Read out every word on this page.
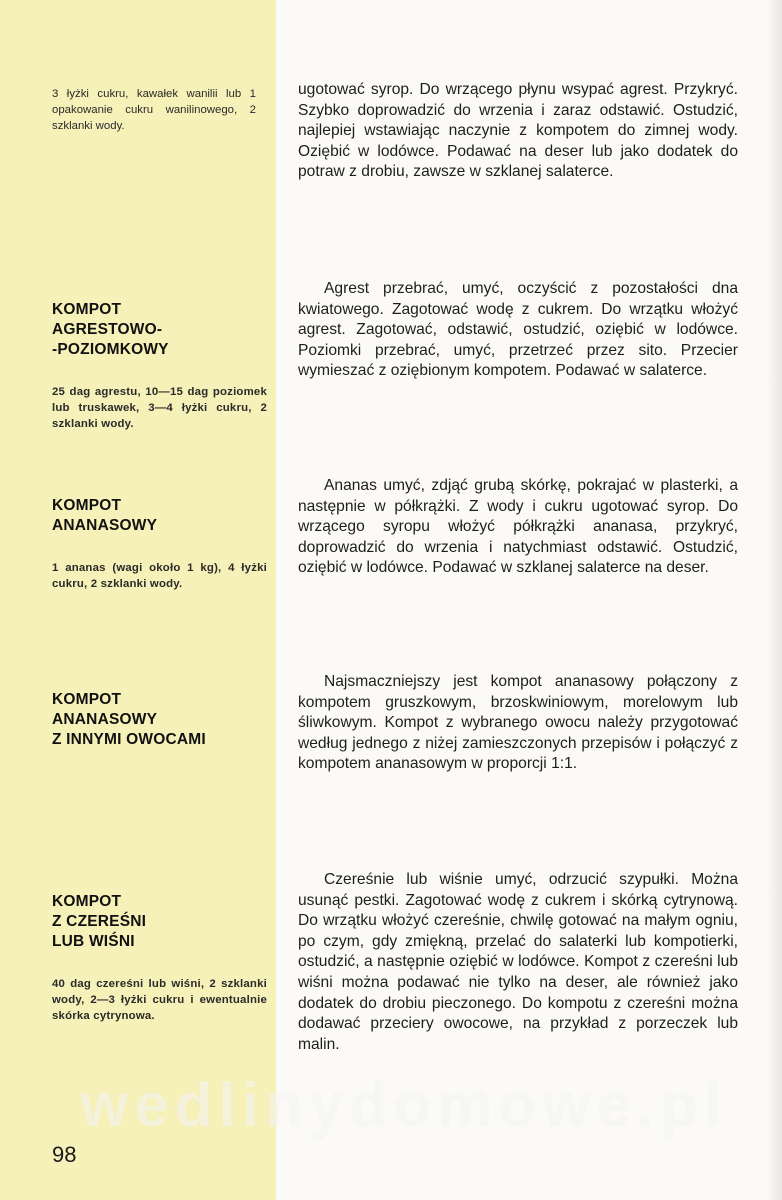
3 łyżki cukru, kawałek wanilii lub 1 opakowanie cukru wanilinowego, 2 szklanki wody.
ugotować syrop. Do wrzącego płynu wsypać agrest. Przykryć. Szybko doprowadzić do wrzenia i zaraz odstawić. Ostudzić, najlepiej wstawiając naczynie z kompotem do zimnej wody. Oziębić w lodówce. Podawać na deser lub jako dodatek do potraw z drobiu, zawsze w szklanej salaterce.

KOMPOT
AGRESTOWO-
-POZIOMKOWY

25 dag agrestu, 10—15 dag poziomek lub truskawek, 3—4 łyżki cukru, 2 szklanki wody.

Agrest przebrać, umyć, oczyścić z pozostałości dna kwiatowego. Zagotować wodę z cukrem. Do wrzątku włożyć agrest. Zagotować, odstawić, ostudzić, oziębić w lodówce. Poziomki przebrać, umyć, przetrzeć przez sito. Przecier wymieszać z oziębionym kompotem. Podawać w salaterce.

KOMPOT
ANANASOWY

1 ananas (wagi około 1 kg), 4 łyżki cukru, 2 szklanki wody.

Ananas umyć, zdjąć grubą skórkę, pokrajać w plasterki, a następnie w półkrążki. Z wody i cukru ugotować syrop. Do wrzącego syropu włożyć półkrążki ananasa, przykryć, doprowadzić do wrzenia i natychmiast odstawić. Ostudzić, oziębić w lodówce. Podawać w szklanej salaterce na deser.

KOMPOT
ANANASOWY
Z INNYMI OWOCAMI

Najsmaczniejszy jest kompot ananasowy połączony z kompotem gruszkowym, brzoskwiniowym, morelowym lub śliwkowym. Kompot z wybranego owocu należy przygotować według jednego z niżej zamieszczonych przepisów i połączyć z kompotem ananasowym w proporcji 1:1.

KOMPOT
Z CZEREŚNI
LUB WIŚNI

40 dag czereśni lub wiśni, 2 szklanki wody, 2—3 łyżki cukru i ewentualnie skórka cytrynowa.

Czereśnie lub wiśnie umyć, odrzucić szypułki. Można usunąć pestki. Zagotować wodę z cukrem i skórką cytrynową. Do wrzątku włożyć czereśnie, chwilę gotować na małym ogniu, po czym, gdy zmiękną, przelać do salaterki lub kompotierki, ostudzić, a następnie oziębić w lodówce. Kompot z czereśni lub wiśni można podawać nie tylko na deser, ale również jako dodatek do drobiu pieczonego. Do kompotu z czereśni można dodawać przeciery owocowe, na przykład z porzeczek lub malin.
wedlinydomowe.pl
98
